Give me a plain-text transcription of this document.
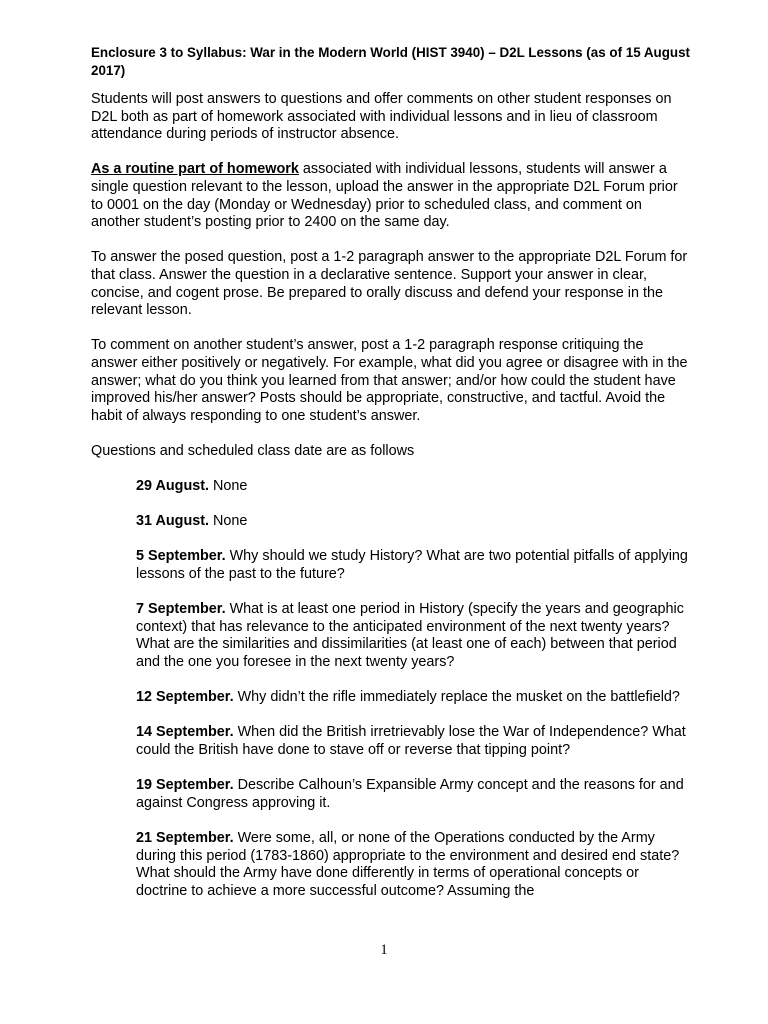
Enclosure 3 to Syllabus: War in the Modern World (HIST 3940) – D2L Lessons (as of 15 August 2017)

Students will post answers to questions and offer comments on other student responses on D2L both as part of homework associated with individual lessons and in lieu of classroom attendance during periods of instructor absence.

As a routine part of homework associated with individual lessons, students will answer a single question relevant to the lesson, upload the answer in the appropriate D2L Forum prior to 0001 on the day (Monday or Wednesday) prior to scheduled class, and comment on another student’s posting prior to 2400 on the same day.

To answer the posed question, post a 1-2 paragraph answer to the appropriate D2L Forum for that class. Answer the question in a declarative sentence. Support your answer in clear, concise, and cogent prose. Be prepared to orally discuss and defend your response in the relevant lesson.

To comment on another student’s answer, post a 1-2 paragraph response critiquing the answer either positively or negatively. For example, what did you agree or disagree with in the answer; what do you think you learned from that answer; and/or how could the student have improved his/her answer? Posts should be appropriate, constructive, and tactful. Avoid the habit of always responding to one student’s answer.

Questions and scheduled class date are as follows

29 August. None

31 August. None

5 September. Why should we study History? What are two potential pitfalls of applying lessons of the past to the future?

7 September. What is at least one period in History (specify the years and geographic context) that has relevance to the anticipated environment of the next twenty years? What are the similarities and dissimilarities (at least one of each) between that period and the one you foresee in the next twenty years?

12 September. Why didn’t the rifle immediately replace the musket on the battlefield?

14 September. When did the British irretrievably lose the War of Independence? What could the British have done to stave off or reverse that tipping point?

19 September. Describe Calhoun’s Expansible Army concept and the reasons for and against Congress approving it.

21 September. Were some, all, or none of the Operations conducted by the Army during this period (1783-1860) appropriate to the environment and desired end state? What should the Army have done differently in terms of operational concepts or doctrine to achieve a more successful outcome? Assuming the

1
